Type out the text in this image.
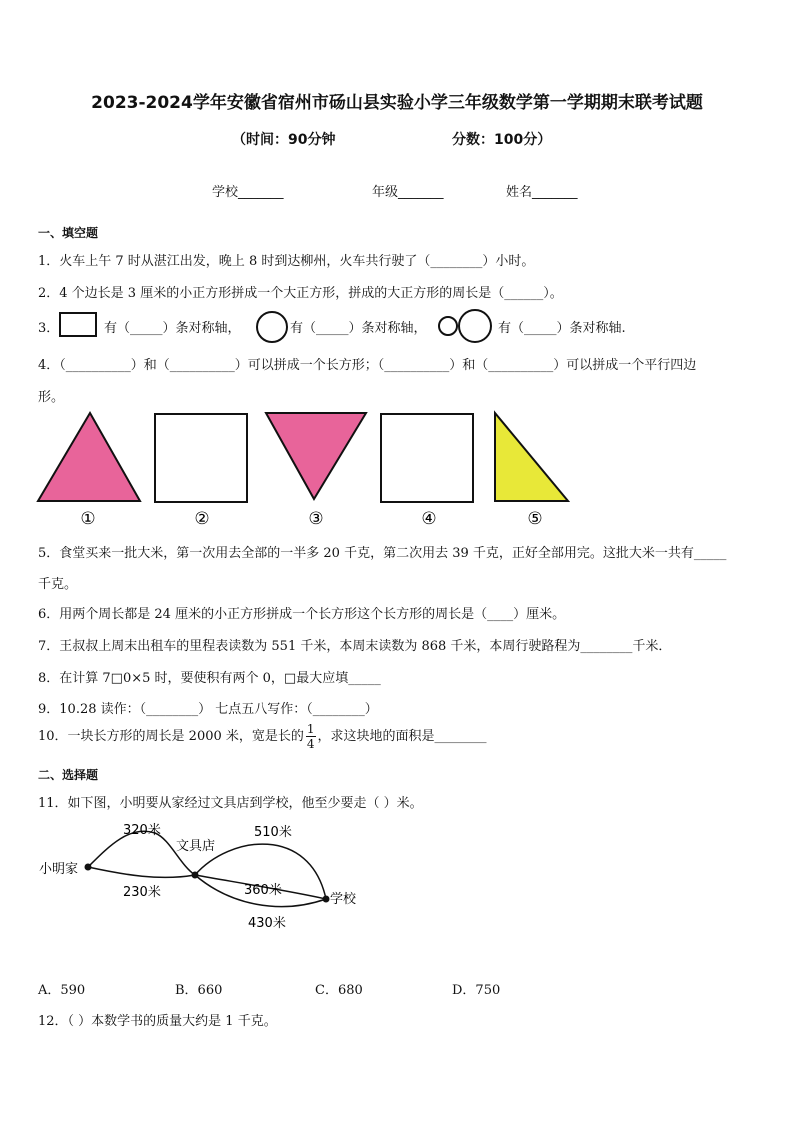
2023-2024学年安徽省宿州市砀山县实验小学三年级数学第一学期期末联考试题
（时间：90分钟	分数：100分）
学校_______	年级_______	姓名_______
一、填空题
1．火车上午 7 时从湛江出发，晚上 8 时到达柳州，火车共行驶了（________）小时。
2．4 个边长是 3 厘米的小正方形拼成一个大正方形，拼成的大正方形的周长是（______）。
3．	有（_____）条对称轴，	有（_____）条对称轴，	有（_____）条对称轴.
4．（__________）和（__________）可以拼成一个长方形；（__________）和（__________）可以拼成一个平行四边
形。
①	②	③	④	⑤
5．食堂买来一批大米，第一次用去全部的一半多 20 千克，第二次用去 39 千克，正好全部用完。这批大米一共有_____
千克。
6．用两个周长都是 24 厘米的小正方形拼成一个长方形这个长方形的周长是（____）厘米。
7．王叔叔上周末出租车的里程表读数为 551 千米，本周末读数为 868 千米，本周行驶路程为________千米．
8．在计算 7□0×5 时，要使积有两个 0，□最大应填_____
9．10.28 读作：（________） 七点五八写作：（________）
10．一块长方形的周长是 2000 米，宽是长的 $\frac{1}{4}$ ，求这块地的面积是________
二、选择题
11．如下图，小明要从家经过文具店到学校，他至少要走（ ）米。
小明家
文具店
学校
320米
230米
510米
360米
430米
A．590	B．660	C．680	D．750
12．（ ）本数学书的质量大约是 1 千克。
